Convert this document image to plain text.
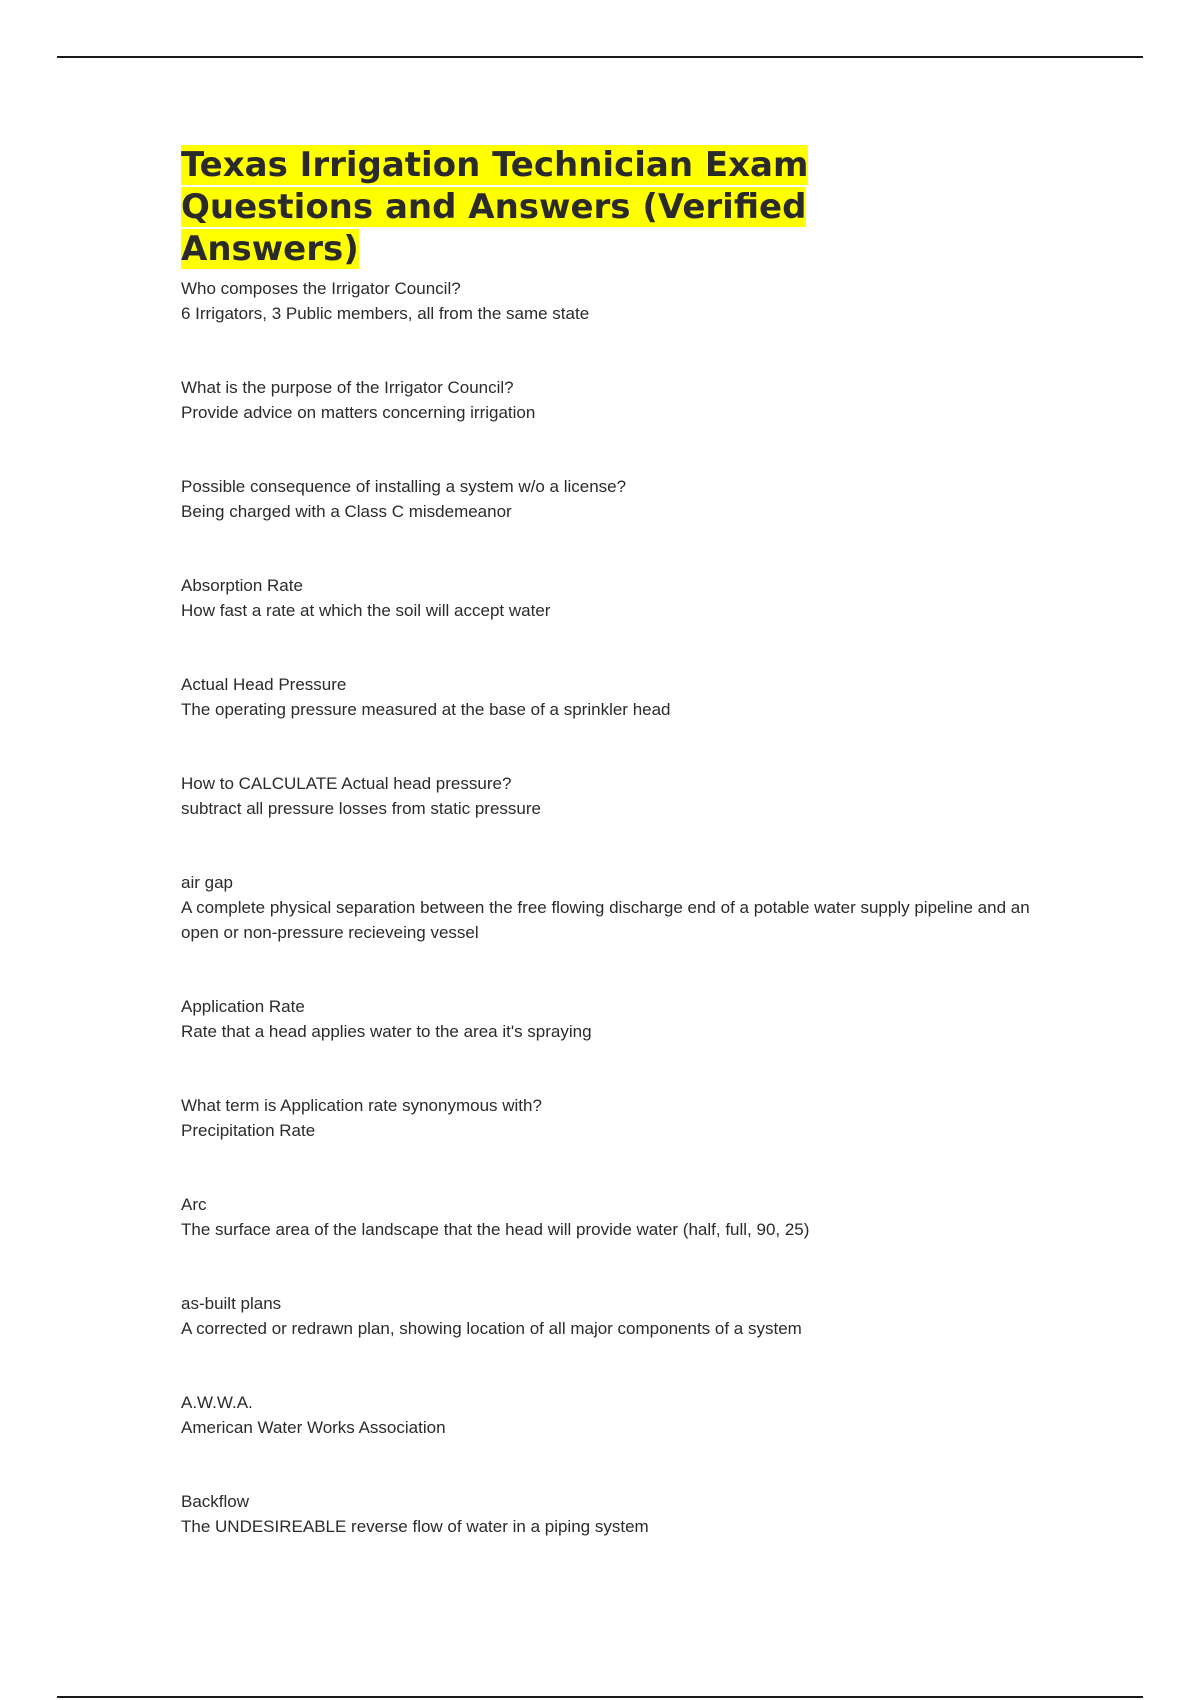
Texas Irrigation Technician Exam Questions and Answers (Verified Answers)
Who composes the Irrigator Council?
6 Irrigators, 3 Public members, all from the same state
What is the purpose of the Irrigator Council?
Provide advice on matters concerning irrigation
Possible consequence of installing a system w/o a license?
Being charged with a Class C misdemeanor
Absorption Rate
How fast a rate at which the soil will accept water
Actual Head Pressure
The operating pressure measured at the base of a sprinkler head
How to CALCULATE Actual head pressure?
subtract all pressure losses from static pressure
air gap
A complete physical separation between the free flowing discharge end of a potable water supply pipeline and an open or non-pressure recieveing vessel
Application Rate
Rate that a head applies water to the area it's spraying
What term is Application rate synonymous with?
Precipitation Rate
Arc
The surface area of the landscape that the head will provide water (half, full, 90, 25)
as-built plans
A corrected or redrawn plan, showing location of all major components of a system
A.W.W.A.
American Water Works Association
Backflow
The UNDESIREABLE reverse flow of water in a piping system
